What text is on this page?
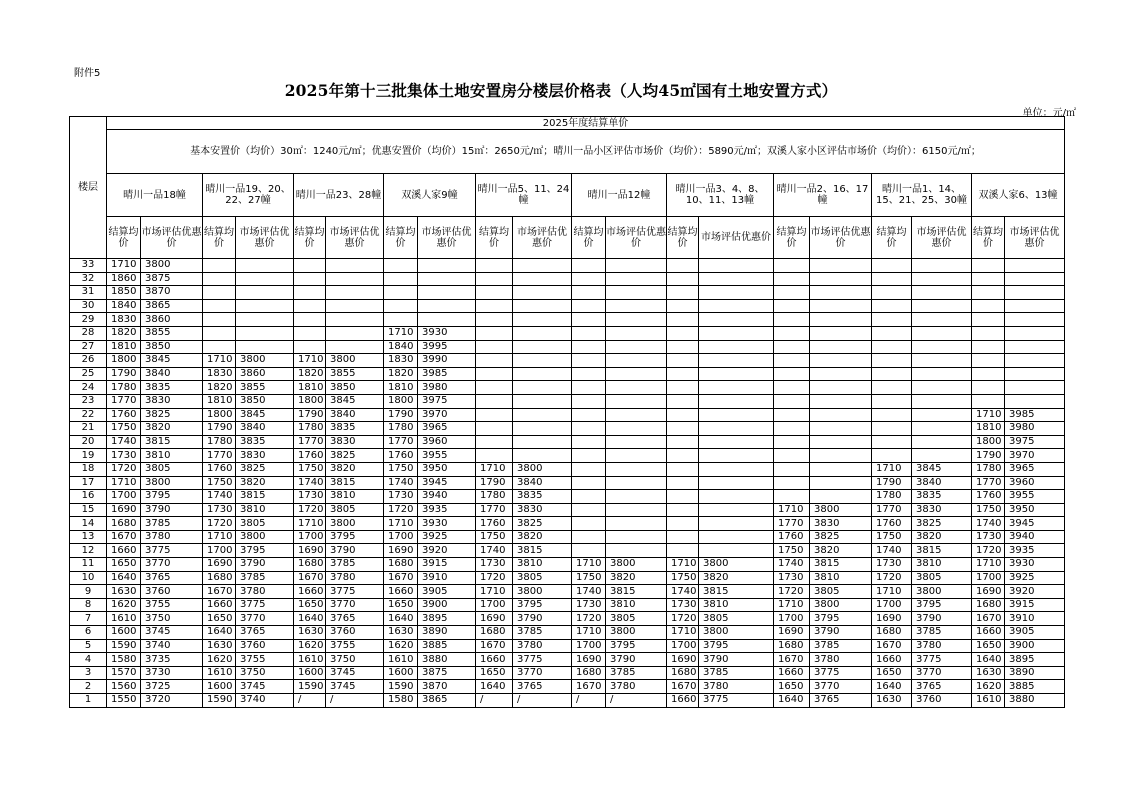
附件5
2025年第十三批集体土地安置房分楼层价格表（人均45㎡国有土地安置方式）
单位：元/㎡
楼层	2025年度结算单价																			
	基本安置价（均价）30㎡：1240元/㎡；优惠安置价（均价）15㎡：2650元/㎡；晴川一品小区评估市场价（均价）：5890元/㎡；双溪人家小区评估市场价（均价）：6150元/㎡；																			
	晴川一品18幢		晴川一品19、20、22、27幢		晴川一品23、28幢		双溪人家9幢		晴川一品5、11、24幢		晴川一品12幢		晴川一品3、4、8、10、11、13幢		晴川一品2、16、17幢		晴川一品1、14、15、21、25、30幢		双溪人家6、13幢	
	结算均价	市场评估优惠价	结算均价	市场评估优惠价	结算均价	市场评估优惠价	结算均价	市场评估优惠价	结算均价	市场评估优惠价	结算均价	市场评估优惠价	结算均价	市场评估优惠价	结算均价	市场评估优惠价	结算均价	市场评估优惠价	结算均价	市场评估优惠价
33	1710	3800																		
32	1860	3875																		
31	1850	3870																		
30	1840	3865																		
29	1830	3860																		
28	1820	3855					1710	3930												
27	1810	3850					1840	3995												
26	1800	3845	1710	3800	1710	3800	1830	3990												
25	1790	3840	1830	3860	1820	3855	1820	3985												
24	1780	3835	1820	3855	1810	3850	1810	3980												
23	1770	3830	1810	3850	1800	3845	1800	3975												
22	1760	3825	1800	3845	1790	3840	1790	3970											1710	3985
21	1750	3820	1790	3840	1780	3835	1780	3965											1810	3980
20	1740	3815	1780	3835	1770	3830	1770	3960											1800	3975
19	1730	3810	1770	3830	1760	3825	1760	3955											1790	3970
18	1720	3805	1760	3825	1750	3820	1750	3950	1710	3800							1710	3845	1780	3965
17	1710	3800	1750	3820	1740	3815	1740	3945	1790	3840							1790	3840	1770	3960
16	1700	3795	1740	3815	1730	3810	1730	3940	1780	3835							1780	3835	1760	3955
15	1690	3790	1730	3810	1720	3805	1720	3935	1770	3830					1710	3800	1770	3830	1750	3950
14	1680	3785	1720	3805	1710	3800	1710	3930	1760	3825					1770	3830	1760	3825	1740	3945
13	1670	3780	1710	3800	1700	3795	1700	3925	1750	3820					1760	3825	1750	3820	1730	3940
12	1660	3775	1700	3795	1690	3790	1690	3920	1740	3815					1750	3820	1740	3815	1720	3935
11	1650	3770	1690	3790	1680	3785	1680	3915	1730	3810	1710	3800	1710	3800	1740	3815	1730	3810	1710	3930
10	1640	3765	1680	3785	1670	3780	1670	3910	1720	3805	1750	3820	1750	3820	1730	3810	1720	3805	1700	3925
9	1630	3760	1670	3780	1660	3775	1660	3905	1710	3800	1740	3815	1740	3815	1720	3805	1710	3800	1690	3920
8	1620	3755	1660	3775	1650	3770	1650	3900	1700	3795	1730	3810	1730	3810	1710	3800	1700	3795	1680	3915
7	1610	3750	1650	3770	1640	3765	1640	3895	1690	3790	1720	3805	1720	3805	1700	3795	1690	3790	1670	3910
6	1600	3745	1640	3765	1630	3760	1630	3890	1680	3785	1710	3800	1710	3800	1690	3790	1680	3785	1660	3905
5	1590	3740	1630	3760	1620	3755	1620	3885	1670	3780	1700	3795	1700	3795	1680	3785	1670	3780	1650	3900
4	1580	3735	1620	3755	1610	3750	1610	3880	1660	3775	1690	3790	1690	3790	1670	3780	1660	3775	1640	3895
3	1570	3730	1610	3750	1600	3745	1600	3875	1650	3770	1680	3785	1680	3785	1660	3775	1650	3770	1630	3890
2	1560	3725	1600	3745	1590	3745	1590	3870	1640	3765	1670	3780	1670	3780	1650	3770	1640	3765	1620	3885
1	1550	3720	1590	3740	/	/	1580	3865	/	/	/	/	1660	3775	1640	3765	1630	3760	1610	3880
